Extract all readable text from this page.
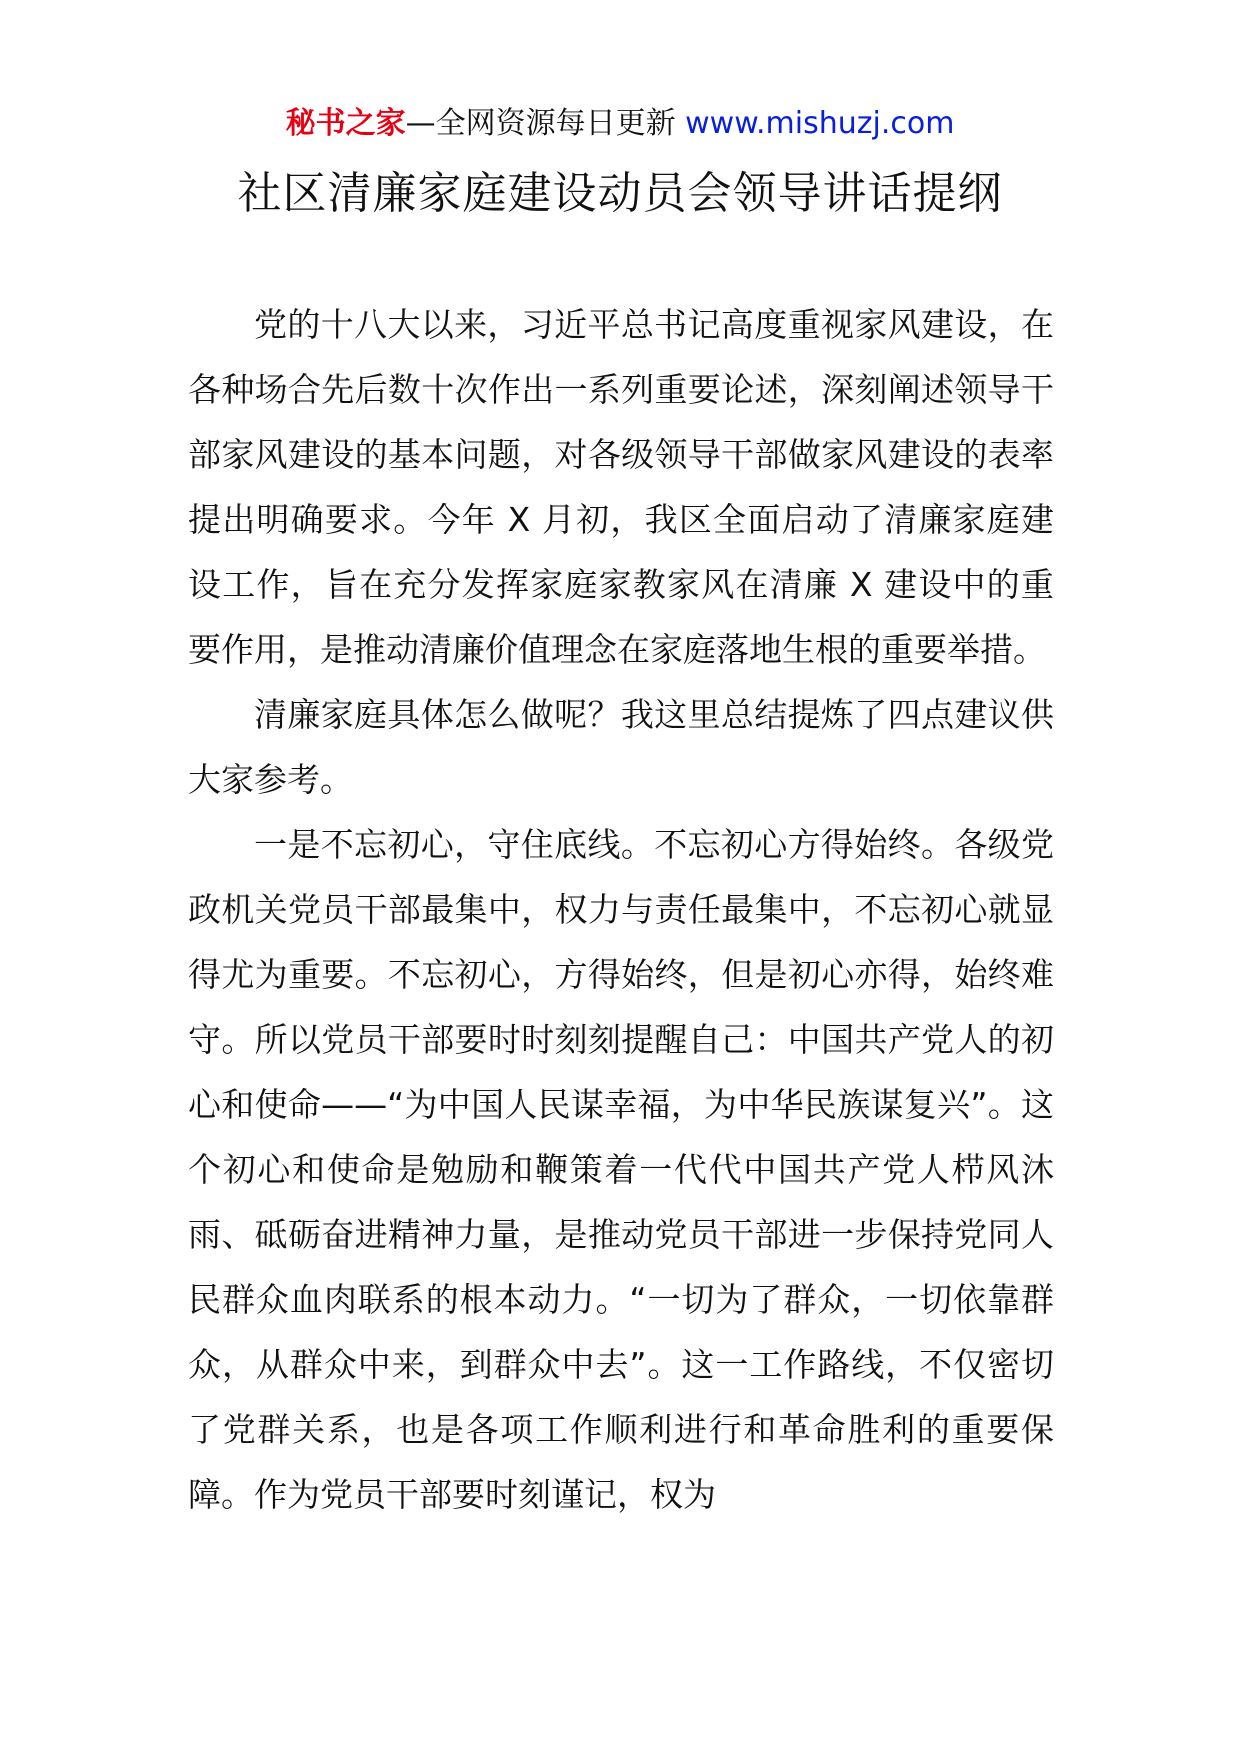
秘书之家—全网资源每日更新 www.mishuzj.com
社区清廉家庭建设动员会领导讲话提纲

党的十八大以来，习近平总书记高度重视家风建设，在各种场合先后数十次作出一系列重要论述，深刻阐述领导干部家风建设的基本问题，对各级领导干部做家风建设的表率提出明确要求。今年 X 月初，我区全面启动了清廉家庭建设工作，旨在充分发挥家庭家教家风在清廉 X 建设中的重要作用，是推动清廉价值理念在家庭落地生根的重要举措。

清廉家庭具体怎么做呢？我这里总结提炼了四点建议供大家参考。

一是不忘初心，守住底线。不忘初心方得始终。各级党政机关党员干部最集中，权力与责任最集中，不忘初心就显得尤为重要。不忘初心，方得始终，但是初心亦得，始终难守。所以党员干部要时时刻刻提醒自己：中国共产党人的初心和使命——“为中国人民谋幸福，为中华民族谋复兴”。这个初心和使命是勉励和鞭策着一代代中国共产党人栉风沐雨、砥砺奋进精神力量，是推动党员干部进一步保持党同人民群众血肉联系的根本动力。“一切为了群众，一切依靠群众，从群众中来，到群众中去”。这一工作路线，不仅密切了党群关系，也是各项工作顺利进行和革命胜利的重要保障。作为党员干部要时刻谨记，权为
